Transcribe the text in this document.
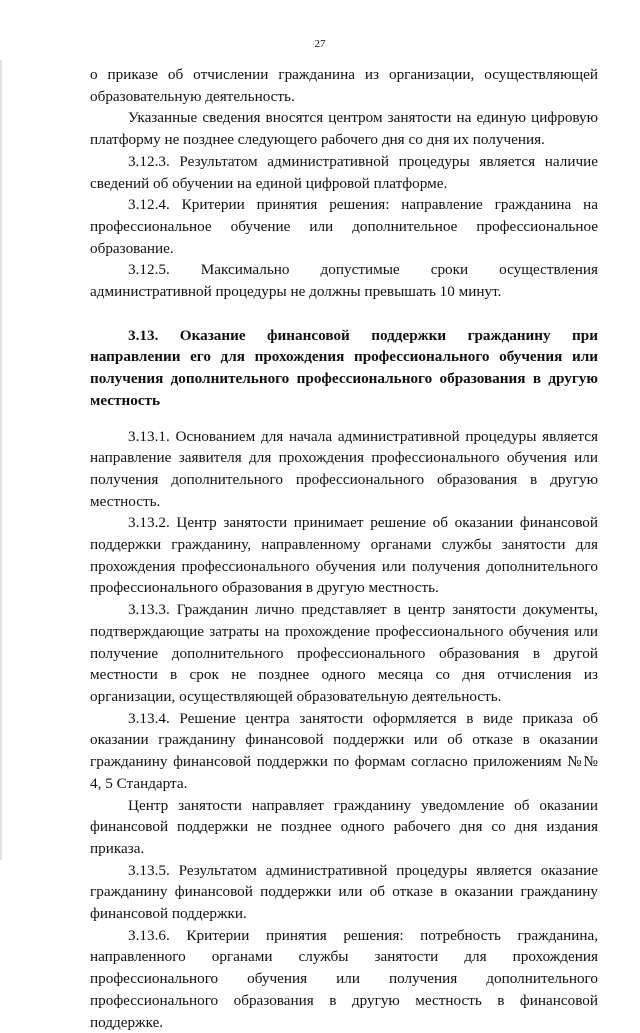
27

о приказе об отчислении гражданина из организации, осуществляющей образовательную деятельность.

Указанные сведения вносятся центром занятости на единую цифровую платформу не позднее следующего рабочего дня со дня их получения.

3.12.3. Результатом административной процедуры является наличие сведений об обучении на единой цифровой платформе.

3.12.4. Критерии принятия решения: направление гражданина на профессиональное обучение или дополнительное профессиональное образование.

3.12.5. Максимально допустимые сроки осуществления административной процедуры не должны превышать 10 минут.

3.13. Оказание финансовой поддержки гражданину при направлении его для прохождения профессионального обучения или получения дополнительного профессионального образования в другую местность

3.13.1. Основанием для начала административной процедуры является направление заявителя для прохождения профессионального обучения или получения дополнительного профессионального образования в другую местность.

3.13.2. Центр занятости принимает решение об оказании финансовой поддержки гражданину, направленному органами службы занятости для прохождения профессионального обучения или получения дополнительного профессионального образования в другую местность.

3.13.3. Гражданин лично представляет в центр занятости документы, подтверждающие затраты на прохождение профессионального обучения или получение дополнительного профессионального образования в другой местности в срок не позднее одного месяца со дня отчисления из организации, осуществляющей образовательную деятельность.

3.13.4. Решение центра занятости оформляется в виде приказа об оказании гражданину финансовой поддержки или об отказе в оказании гражданину финансовой поддержки по формам согласно приложениям №№ 4, 5 Стандарта.

Центр занятости направляет гражданину уведомление об оказании финансовой поддержки не позднее одного рабочего дня со дня издания приказа.

3.13.5. Результатом административной процедуры является оказание гражданину финансовой поддержки или об отказе в оказании гражданину финансовой поддержки.

3.13.6. Критерии принятия решения: потребность гражданина, направленного органами службы занятости для прохождения профессионального обучения или получения дополнительного профессионального образования в другую местность в финансовой поддержке.
